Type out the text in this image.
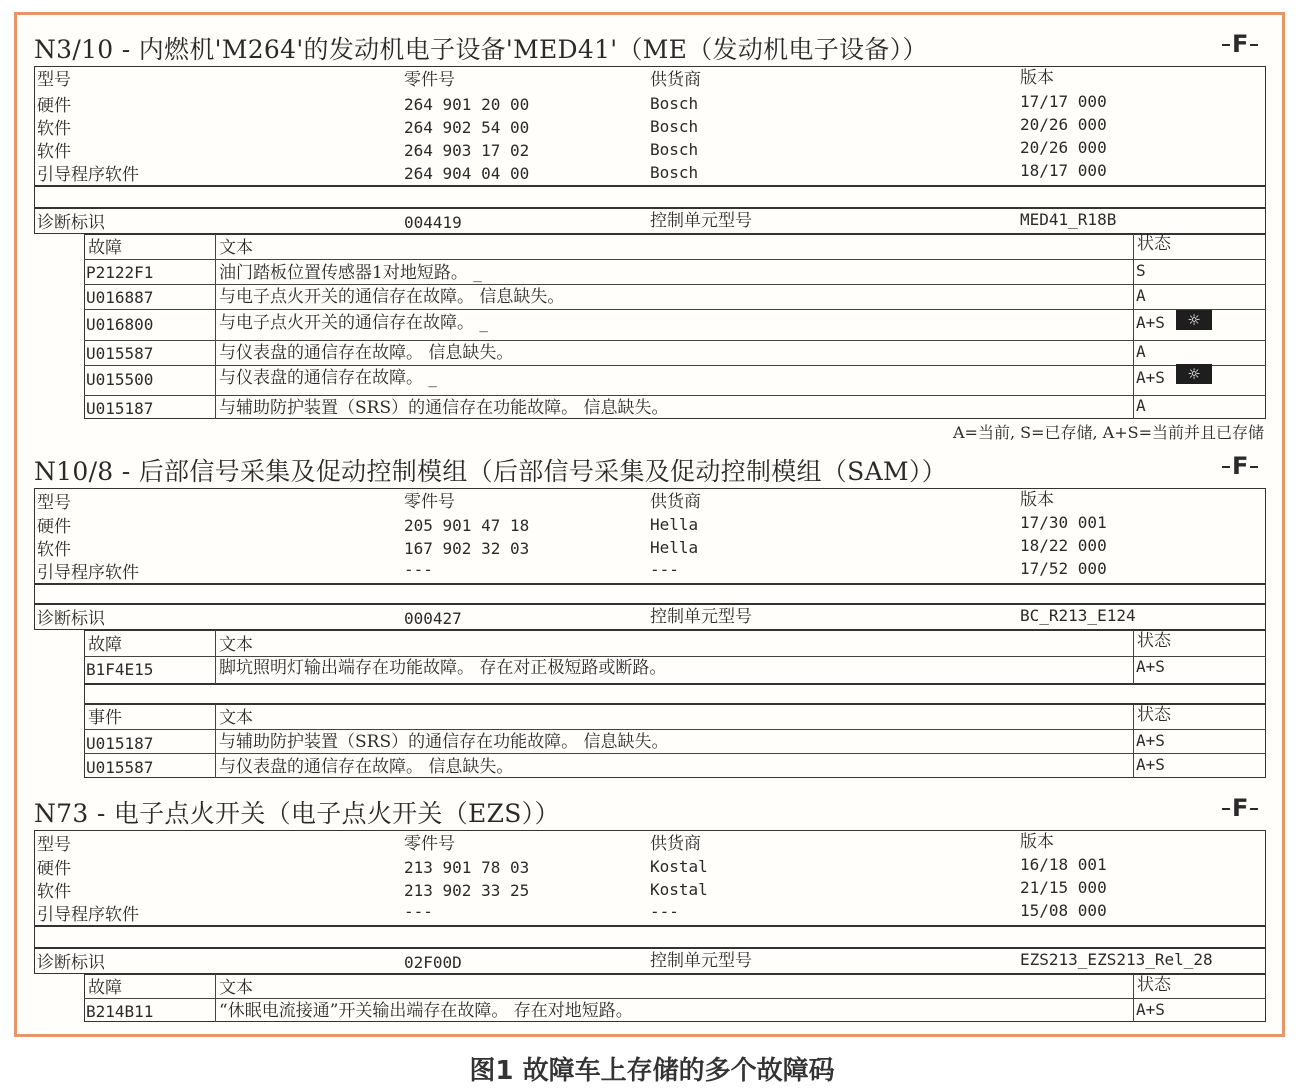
N3/10 - 内燃机'M264'的发动机电子设备'MED41'（ME（发动机电子设备））	F
型号	零件号	供货商	版本
硬件	264 901 20 00	Bosch	17/17 000
软件	264 902 54 00	Bosch	20/26 000
软件	264 903 17 02	Bosch	20/26 000
引导程序软件	264 904 04 00	Bosch	18/17 000
诊断标识	004419	控制单元型号	MED41_R18B
故障	文本	状态
P2122F1	油门踏板位置传感器1对地短路。 _	S
U016887	与电子点火开关的通信存在故障。 信息缺失。	A
U016800	与电子点火开关的通信存在故障。 _	A+S	☼
U015587	与仪表盘的通信存在故障。 信息缺失。	A
U015500	与仪表盘的通信存在故障。 _	A+S	☼
U015187	与辅助防护装置（SRS）的通信存在功能故障。 信息缺失。	A
A=当前, S=已存储, A+S=当前并且已存储
N10/8 - 后部信号采集及促动控制模组（后部信号采集及促动控制模组（SAM））	F
型号	零件号	供货商	版本
硬件	205 901 47 18	Hella	17/30 001
软件	167 902 32 03	Hella	18/22 000
引导程序软件	---	---	17/52 000
诊断标识	000427	控制单元型号	BC_R213_E124
故障	文本	状态
B1F4E15	脚坑照明灯输出端存在功能故障。 存在对正极短路或断路。	A+S
事件	文本	状态
U015187	与辅助防护装置（SRS）的通信存在功能故障。 信息缺失。	A+S
U015587	与仪表盘的通信存在故障。 信息缺失。	A+S
N73 - 电子点火开关（电子点火开关（EZS））	F
型号	零件号	供货商	版本
硬件	213 901 78 03	Kostal	16/18 001
软件	213 902 33 25	Kostal	21/15 000
引导程序软件	---	---	15/08 000
诊断标识	02F00D	控制单元型号	EZS213_EZS213_Rel_28
故障	文本	状态
B214B11	“休眠电流接通”开关输出端存在故障。 存在对地短路。	A+S
图1 故障车上存储的多个故障码
